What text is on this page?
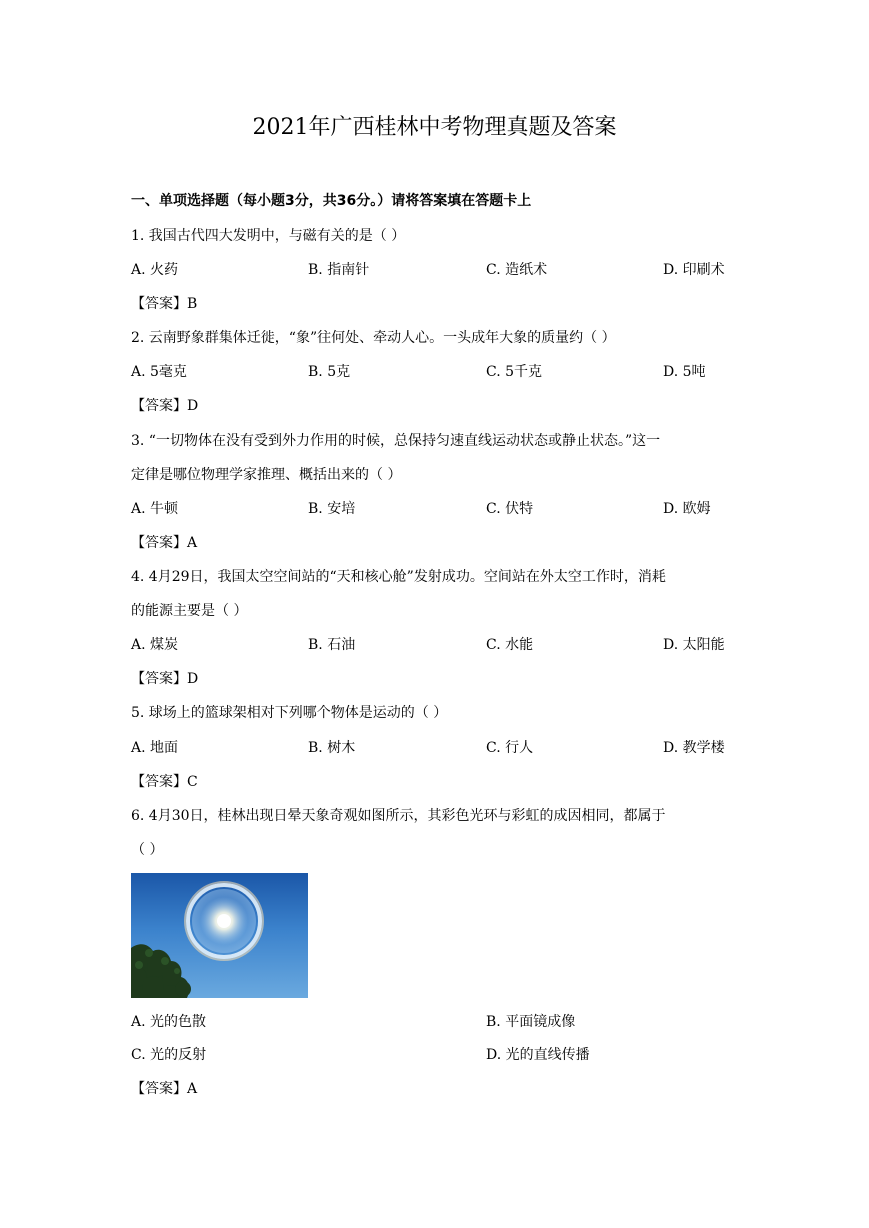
2021年广西桂林中考物理真题及答案
一、单项选择题（每小题3分，共36分。）请将答案填在答题卡上
1. 我国古代四大发明中，与磁有关的是（ ）
A. 火药	B. 指南针	C. 造纸术	D. 印刷术
【答案】B
2. 云南野象群集体迁徙，“象”往何处、牵动人心。一头成年大象的质量约（ ）
A. 5毫克	B. 5克	C. 5千克	D. 5吨
【答案】D
3. “一切物体在没有受到外力作用的时候，总保持匀速直线运动状态或静止状态。”这一
定律是哪位物理学家推理、概括出来的（ ）
A. 牛顿	B. 安培	C. 伏特	D. 欧姆
【答案】A
4. 4月29日，我国太空空间站的“天和核心舱”发射成功。空间站在外太空工作时，消耗
的能源主要是（ ）
A. 煤炭	B. 石油	C. 水能	D. 太阳能
【答案】D
5. 球场上的篮球架相对下列哪个物体是运动的（ ）
A. 地面	B. 树木	C. 行人	D. 教学楼
【答案】C
6. 4月30日，桂林出现日晕天象奇观如图所示，其彩色光环与彩虹的成因相同，都属于
（ ）
A. 光的色散	B. 平面镜成像
C. 光的反射	D. 光的直线传播
【答案】A
